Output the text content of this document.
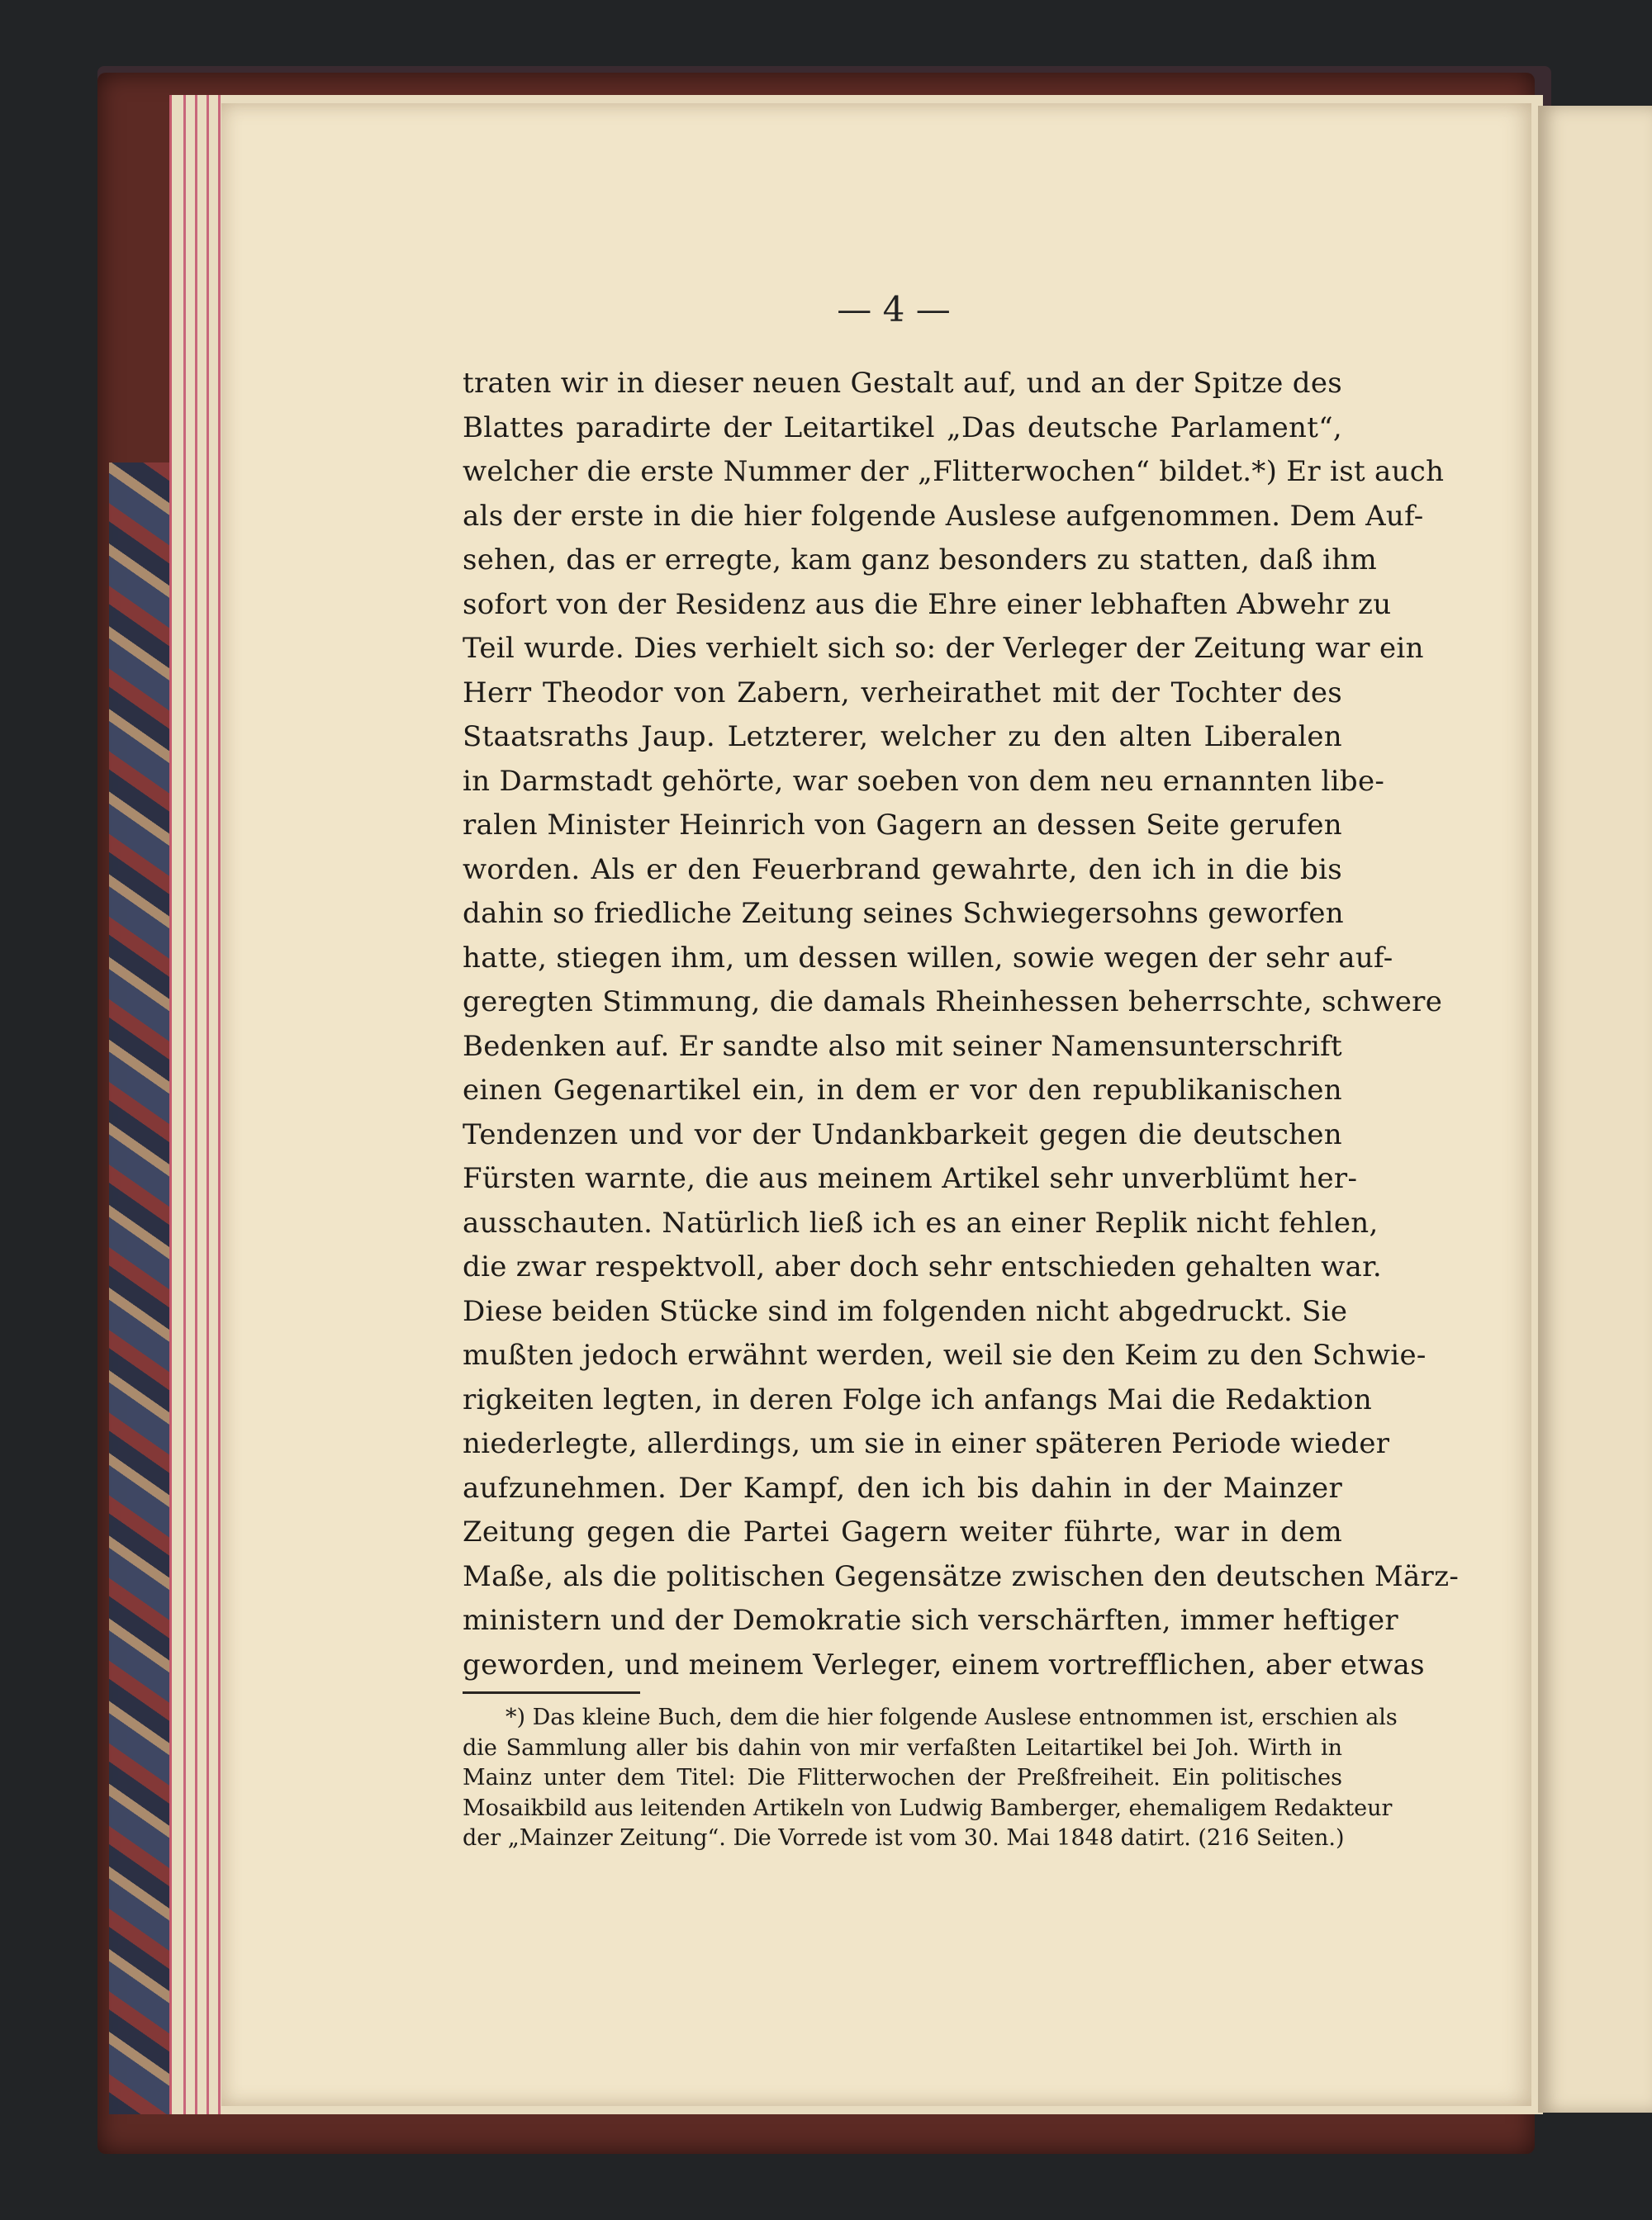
— 4 —
traten wir in dieser neuen Gestalt auf, und an der Spitze des
Blattes paradirte der Leitartikel „Das deutsche Parlament“,
welcher die erste Nummer der „Flitterwochen“ bildet.*) Er ist auch
als der erste in die hier folgende Auslese aufgenommen. Dem Auf-
sehen, das er erregte, kam ganz besonders zu statten, daß ihm
sofort von der Residenz aus die Ehre einer lebhaften Abwehr zu
Teil wurde. Dies verhielt sich so: der Verleger der Zeitung war ein
Herr Theodor von Zabern, verheirathet mit der Tochter des
Staatsraths Jaup. Letzterer, welcher zu den alten Liberalen
in Darmstadt gehörte, war soeben von dem neu ernannten libe-
ralen Minister Heinrich von Gagern an dessen Seite gerufen
worden. Als er den Feuerbrand gewahrte, den ich in die bis
dahin so friedliche Zeitung seines Schwiegersohns geworfen
hatte, stiegen ihm, um dessen willen, sowie wegen der sehr auf-
geregten Stimmung, die damals Rheinhessen beherrschte, schwere
Bedenken auf. Er sandte also mit seiner Namensunterschrift
einen Gegenartikel ein, in dem er vor den republikanischen
Tendenzen und vor der Undankbarkeit gegen die deutschen
Fürsten warnte, die aus meinem Artikel sehr unverblümt her-
ausschauten. Natürlich ließ ich es an einer Replik nicht fehlen,
die zwar respektvoll, aber doch sehr entschieden gehalten war.
Diese beiden Stücke sind im folgenden nicht abgedruckt. Sie
mußten jedoch erwähnt werden, weil sie den Keim zu den Schwie-
rigkeiten legten, in deren Folge ich anfangs Mai die Redaktion
niederlegte, allerdings, um sie in einer späteren Periode wieder
aufzunehmen. Der Kampf, den ich bis dahin in der Mainzer
Zeitung gegen die Partei Gagern weiter führte, war in dem
Maße, als die politischen Gegensätze zwischen den deutschen März-
ministern und der Demokratie sich verschärften, immer heftiger
geworden, und meinem Verleger, einem vortrefflichen, aber etwas
*) Das kleine Buch, dem die hier folgende Auslese entnommen ist, erschien als
die Sammlung aller bis dahin von mir verfaßten Leitartikel bei Joh. Wirth in
Mainz unter dem Titel: Die Flitterwochen der Preßfreiheit. Ein politisches
Mosaikbild aus leitenden Artikeln von Ludwig Bamberger, ehemaligem Redakteur
der „Mainzer Zeitung“. Die Vorrede ist vom 30. Mai 1848 datirt. (216 Seiten.)
